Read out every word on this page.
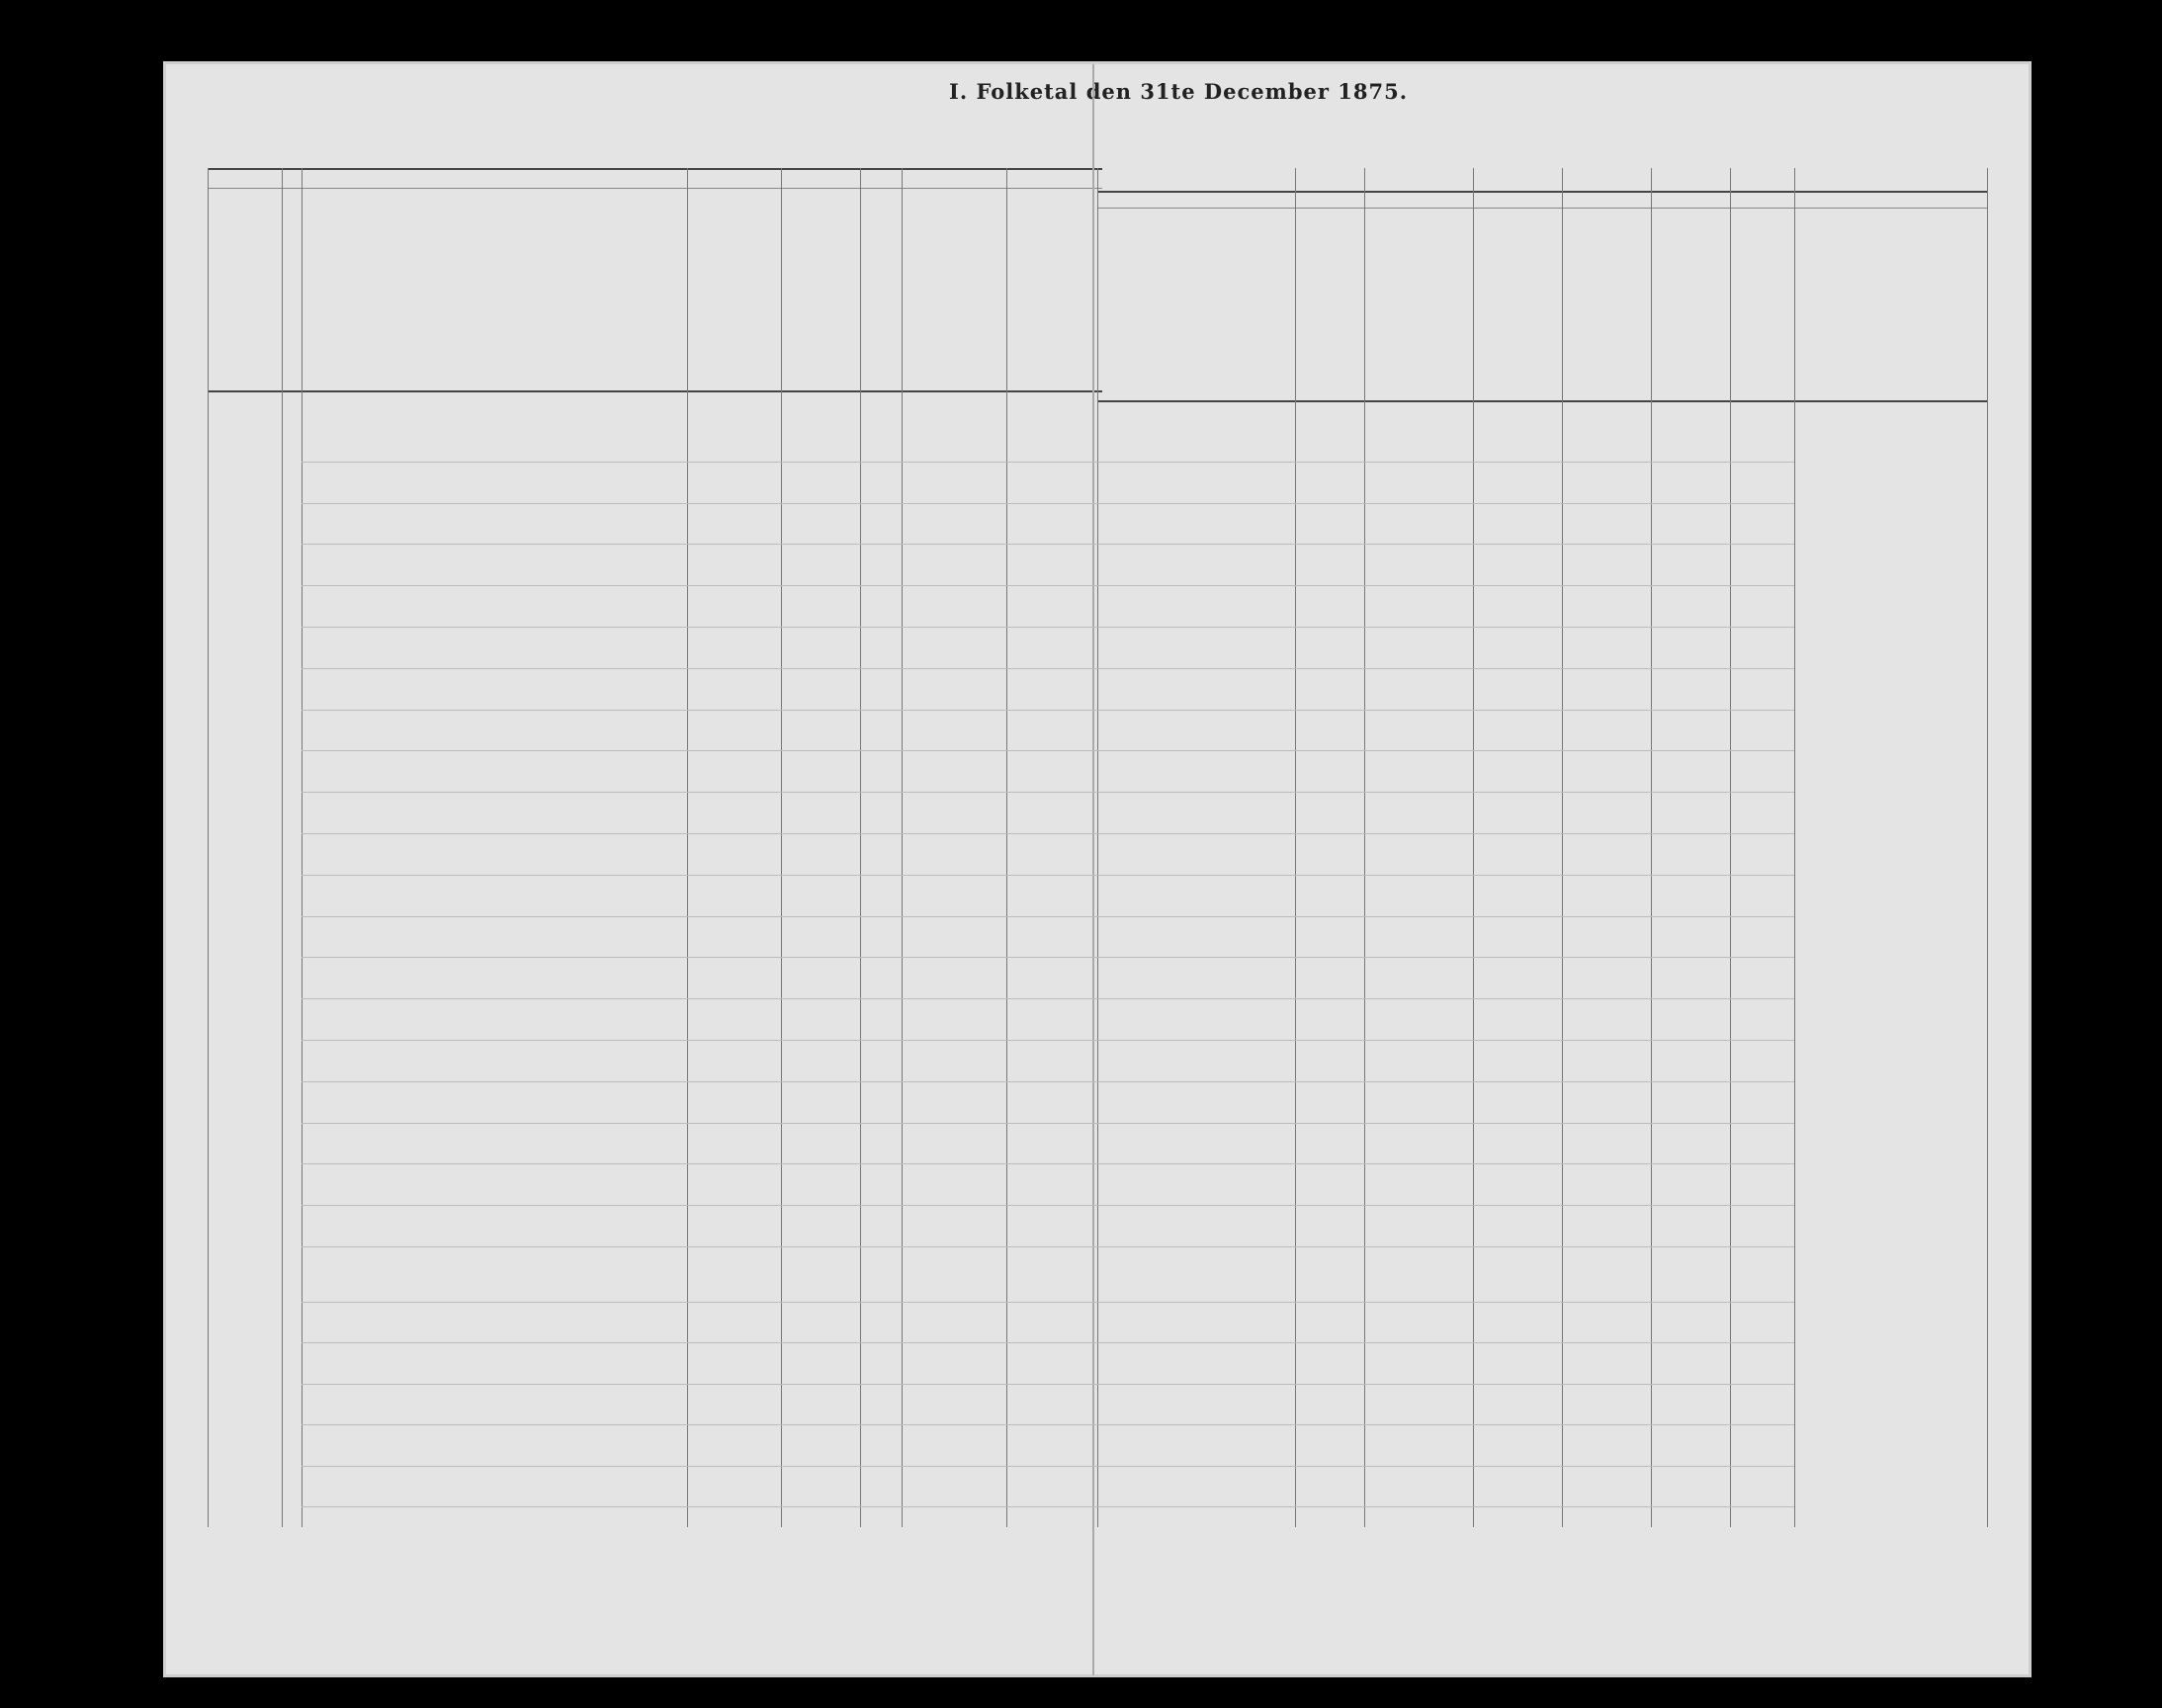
I. Folketal den 31te December 1875.
